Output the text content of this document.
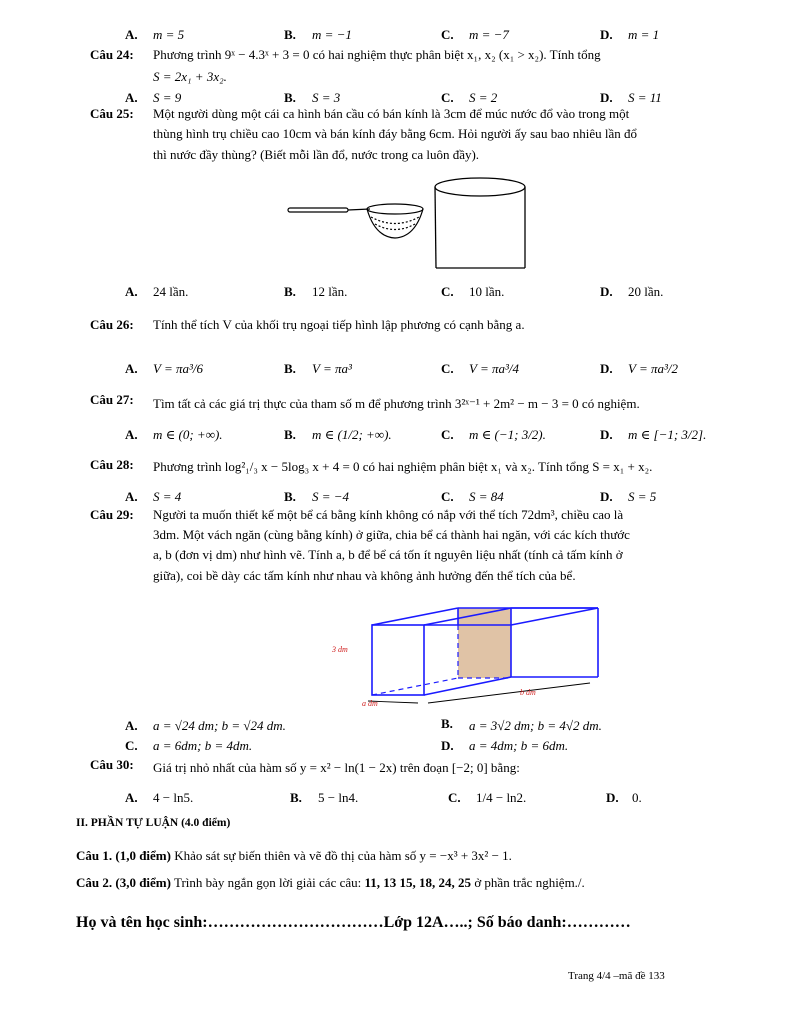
A. m = 5	B. m = −1	C. m = −7	D. m = 1
Câu 24: Phương trình 9ˣ − 4.3ˣ + 3 = 0 có hai nghiệm thực phân biệt x₁, x₂ (x₁ > x₂). Tính tổng
S = 2x₁ + 3x₂.
A. S = 9	B. S = 3	C. S = 2	D. S = 11
Câu 25: Một người dùng một cái ca hình bán cầu có bán kính là 3cm để múc nước đổ vào trong một
thùng hình trụ chiều cao 10cm và bán kính đáy bằng 6cm. Hỏi người ấy sau bao nhiêu lần đổ
thì nước đầy thùng? (Biết mỗi lần đổ, nước trong ca luôn đầy).
A. 24 lần.	B. 12 lần.	C. 10 lần.	D. 20 lần.
Câu 26: Tính thể tích V của khối trụ ngoại tiếp hình lập phương có cạnh bằng a.
A. V = πa³/6	B. V = πa³	C. V = πa³/4	D. V = πa³/2
Câu 27: Tìm tất cả các giá trị thực của tham số m để phương trình 3²ˣ⁻¹ + 2m² − m − 3 = 0 có nghiệm.
A. m ∈ (0; +∞).	B. m ∈ (1/2; +∞).	C. m ∈ (−1; 3/2).	D. m ∈ [−1; 3/2].
Câu 28: Phương trình log²₁/₃ x − 5log₃ x + 4 = 0 có hai nghiệm phân biệt x₁ và x₂. Tính tổng S = x₁ + x₂.
A. S = 4	B. S = −4	C. S = 84	D. S = 5
Câu 29: Người ta muốn thiết kế một bể cá bằng kính không có nắp với thể tích 72dm³, chiều cao là
3dm. Một vách ngăn (cùng bằng kính) ở giữa, chia bể cá thành hai ngăn, với các kích thước
a, b (đơn vị dm) như hình vẽ. Tính a, b để bể cá tốn ít nguyên liệu nhất (tính cả tấm kính ở
giữa), coi bề dày các tấm kính như nhau và không ảnh hưởng đến thể tích của bể.
3 dm
a dm
b dm
A. a = √24 dm; b = √24 dm.	B. a = 3√2 dm; b = 4√2 dm.
C. a = 6dm; b = 4dm.	D. a = 4dm; b = 6dm.
Câu 30: Giá trị nhỏ nhất của hàm số y = x² − ln(1 − 2x) trên đoạn [−2; 0] bằng:
A. 4 − ln5.	B. 5 − ln4.	C. 1/4 − ln2.	D. 0.
II. PHẦN TỰ LUẬN (4.0 điểm)
Câu 1. (1,0 điểm) Khảo sát sự biến thiên và vẽ đồ thị của hàm số y = −x³ + 3x² − 1.
Câu 2. (3,0 điểm) Trình bày ngắn gọn lời giải các câu: 11, 13 15, 18, 24, 25 ở phần trắc nghiệm./.
Họ và tên học sinh:……………………………Lớp 12A…..; Số báo danh:…………
Trang 4/4 –mã đề 133
